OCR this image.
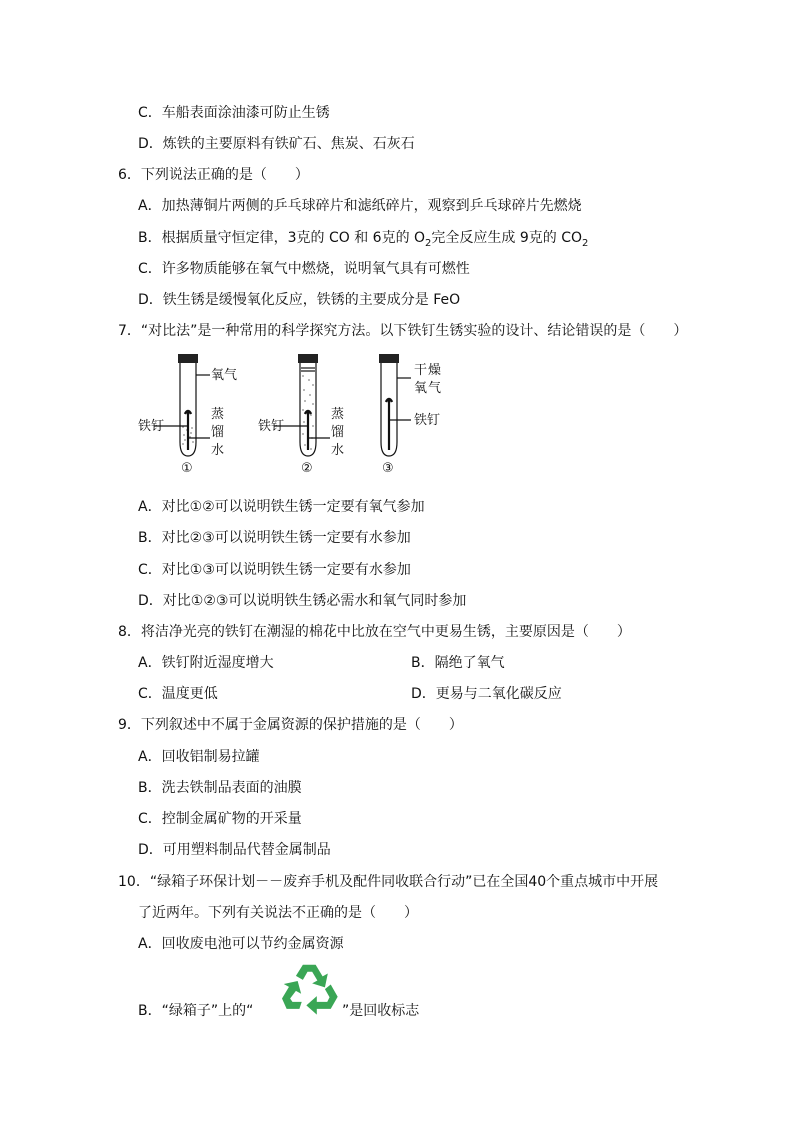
C．车船表面涂油漆可防止生锈
D．炼铁的主要原料有铁矿石、焦炭、石灰石
6．下列说法正确的是（　　）
A．加热薄铜片两侧的乒乓球碎片和滤纸碎片，观察到乒乓球碎片先燃烧
B．根据质量守恒定律，3克的 CO 和 6克的 $O_2$完全反应生成 9克的 $CO_2$
C．许多物质能够在氧气中燃烧，说明氧气具有可燃性
D．铁生锈是缓慢氧化反应，铁锈的主要成分是 FeO
7．“对比法”是一种常用的科学探究方法。以下铁钉生锈实验的设计、结论错误的是（　　）
氧气
铁钉
蒸
馏
水
①
铁钉
蒸
馏
水
②
干 燥
氧 气
铁钉
③
A．对比①②可以说明铁生锈一定要有氧气参加
B．对比②③可以说明铁生锈一定要有水参加
C．对比①③可以说明铁生锈一定要有水参加
D．对比①②③可以说明铁生锈必需水和氧气同时参加
8．将洁净光亮的铁钉在潮湿的棉花中比放在空气中更易生锈，主要原因是（　　）
A．铁钉附近湿度增大	B．隔绝了氧气
C．温度更低	D．更易与二氧化碳反应
9．下列叙述中不属于金属资源的保护措施的是（　　）
A．回收铝制易拉罐
B．洗去铁制品表面的油膜
C．控制金属矿物的开采量
D．可用塑料制品代替金属制品
10．“绿箱子环保计划－－废弃手机及配件同收联合行动”已在全国40个重点城市中开展
了近两年。下列有关说法不正确的是（　　）
A．回收废电池可以节约金属资源
B．“绿箱子”上的“	”是回收标志
